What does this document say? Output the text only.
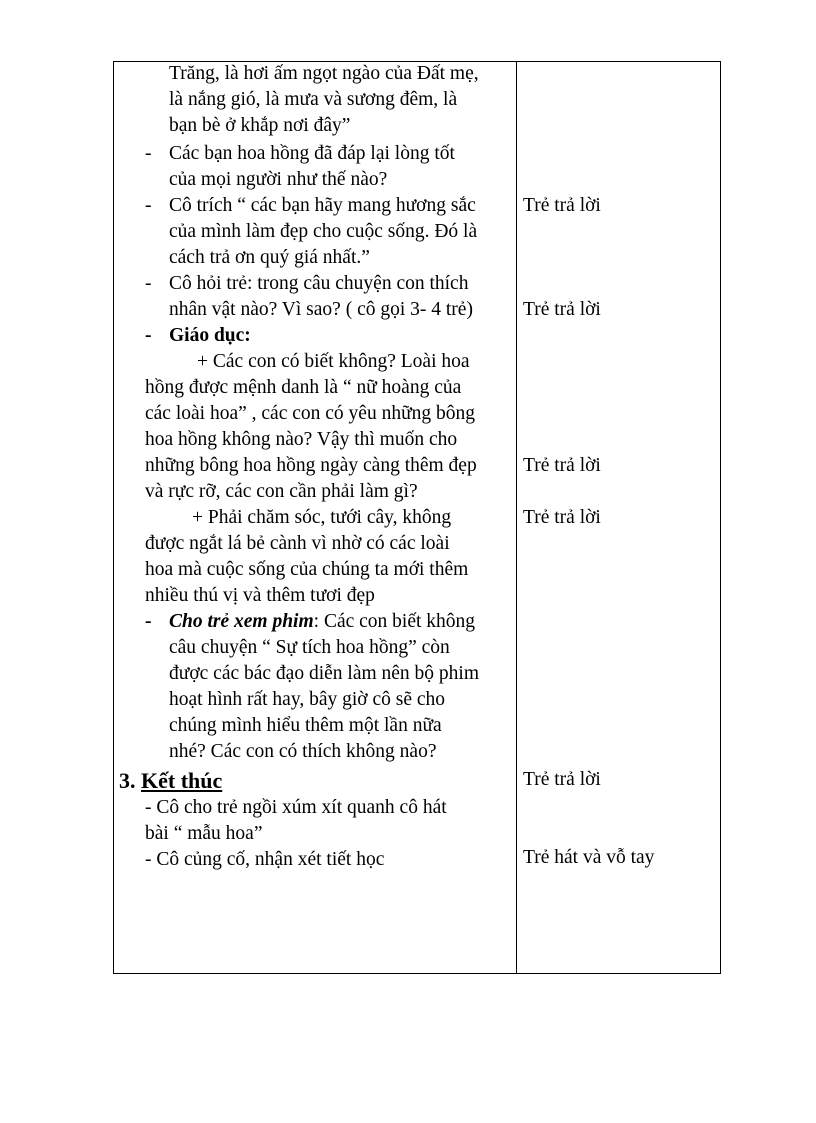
Trăng, là hơi ấm ngọt ngào của Đất mẹ,
là nắng gió, là mưa và sương đêm, là
bạn bè ở khắp nơi đây”
- Các bạn hoa hồng đã đáp lại lòng tốt
của mọi người như thế nào?
- Cô trích “ các bạn hãy mang hương sắc
của mình làm đẹp cho cuộc sống. Đó là
cách trả ơn quý giá nhất.”
- Cô hỏi trẻ: trong câu chuyện con thích
nhân vật nào? Vì sao? ( cô gọi 3- 4 trẻ)
- Giáo dục:
+ Các con có biết không? Loài hoa
hồng được mệnh danh là “ nữ hoàng của
các loài hoa” , các con có yêu những bông
hoa hồng không nào? Vậy thì muốn cho
những bông hoa hồng ngày càng thêm đẹp
và rực rỡ, các con cần phải làm gì?
+ Phải chăm sóc, tưới cây, không
được ngắt lá bẻ cành vì nhờ có các loài
hoa mà cuộc sống của chúng ta mới thêm
nhiều thú vị và thêm tươi đẹp
- Cho trẻ xem phim: Các con biết không
câu chuyện “ Sự tích hoa hồng” còn
được các bác đạo diễn làm nên bộ phim
hoạt hình rất hay, bây giờ cô sẽ cho
chúng mình hiểu thêm một lần nữa
nhé? Các con có thích không nào?
3. Kết thúc
- Cô cho trẻ ngồi xúm xít quanh cô hát
bài “ mẫu hoa”
- Cô củng cố, nhận xét tiết học
Trẻ trả lời
Trẻ trả lời
Trẻ trả lời
Trẻ trả lời
Trẻ trả lời
Trẻ hát và vỗ tay
